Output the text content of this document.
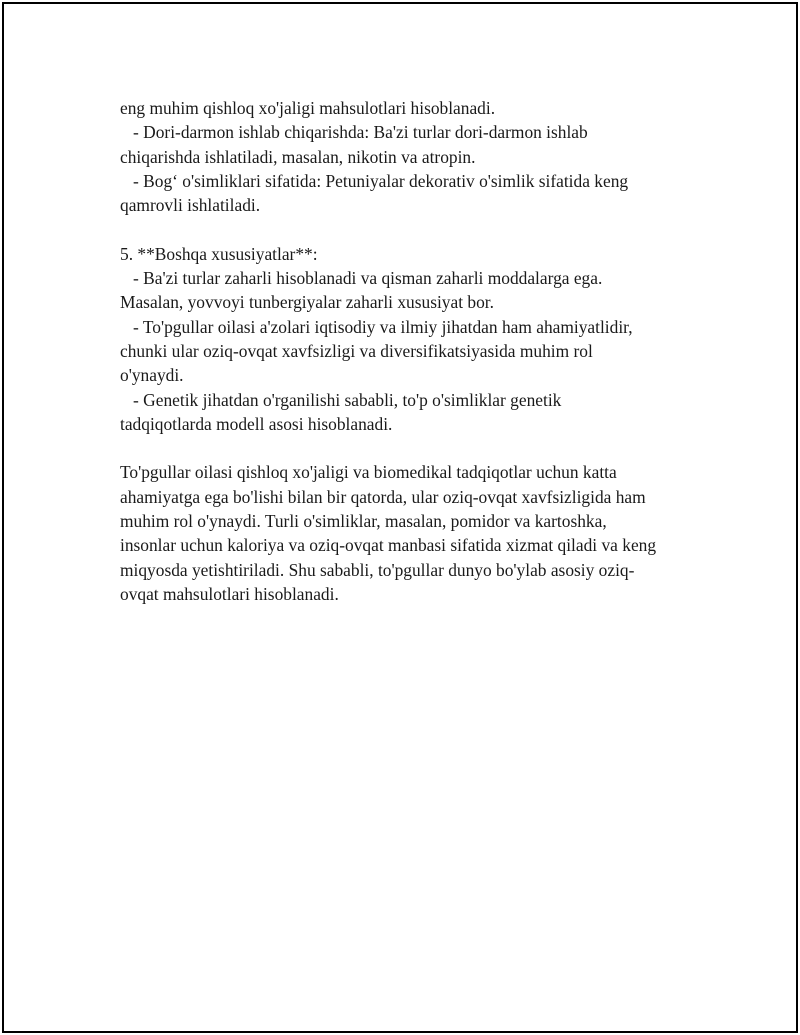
eng muhim qishloq xo'jaligi mahsulotlari hisoblanadi.
- Dori-darmon ishlab chiqarishda: Ba'zi turlar dori-darmon ishlab
chiqarishda ishlatiladi, masalan, nikotin va atropin.
- Bog‘ o'simliklari sifatida: Petuniyalar dekorativ o'simlik sifatida keng
qamrovli ishlatiladi.
5. **Boshqa xususiyatlar**:
- Ba'zi turlar zaharli hisoblanadi va qisman zaharli moddalarga ega.
Masalan, yovvoyi tunbergiyalar zaharli xususiyat bor.
- To'pgullar oilasi a'zolari iqtisodiy va ilmiy jihatdan ham ahamiyatlidir,
chunki ular oziq-ovqat xavfsizligi va diversifikatsiyasida muhim rol
o'ynaydi.
- Genetik jihatdan o'rganilishi sababli, to'p o'simliklar genetik
tadqiqotlarda modell asosi hisoblanadi.
To'pgullar oilasi qishloq xo'jaligi va biomedikal tadqiqotlar uchun katta
ahamiyatga ega bo'lishi bilan bir qatorda, ular oziq-ovqat xavfsizligida ham
muhim rol o'ynaydi. Turli o'simliklar, masalan, pomidor va kartoshka,
insonlar uchun kaloriya va oziq-ovqat manbasi sifatida xizmat qiladi va keng
miqyosda yetishtiriladi. Shu sababli, to'pgullar dunyo bo'ylab asosiy oziq-
ovqat mahsulotlari hisoblanadi.
